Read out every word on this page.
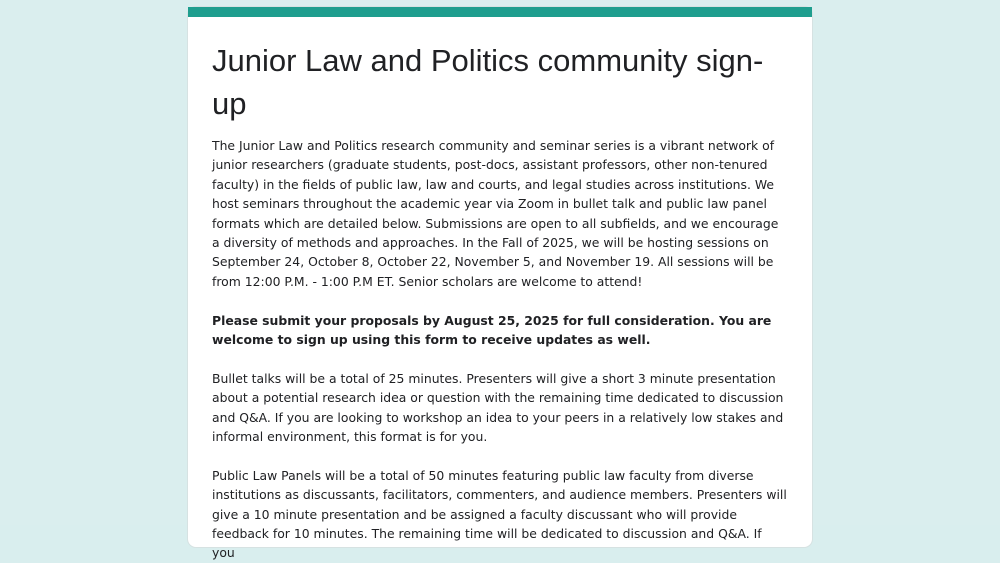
Junior Law and Politics community sign-up

The Junior Law and Politics research community and seminar series is a vibrant network of junior researchers (graduate students, post-docs, assistant professors, other non-tenured faculty) in the fields of public law, law and courts, and legal studies across institutions. We host seminars throughout the academic year via Zoom in bullet talk and public law panel formats which are detailed below. Submissions are open to all subfields, and we encourage a diversity of methods and approaches. In the Fall of 2025, we will be hosting sessions on September 24, October 8, October 22, November 5, and November 19. All sessions will be from 12:00 P.M. - 1:00 P.M ET. Senior scholars are welcome to attend!

Please submit your proposals by August 25, 2025 for full consideration. You are welcome to sign up using this form to receive updates as well.

Bullet talks will be a total of 25 minutes. Presenters will give a short 3 minute presentation about a potential research idea or question with the remaining time dedicated to discussion and Q&A. If you are looking to workshop an idea to your peers in a relatively low stakes and informal environment, this format is for you.

Public Law Panels will be a total of 50 minutes featuring public law faculty from diverse institutions as discussants, facilitators, commenters, and audience members. Presenters will give a 10 minute presentation and be assigned a faculty discussant who will provide feedback for 10 minutes. The remaining time will be dedicated to discussion and Q&A. If you
